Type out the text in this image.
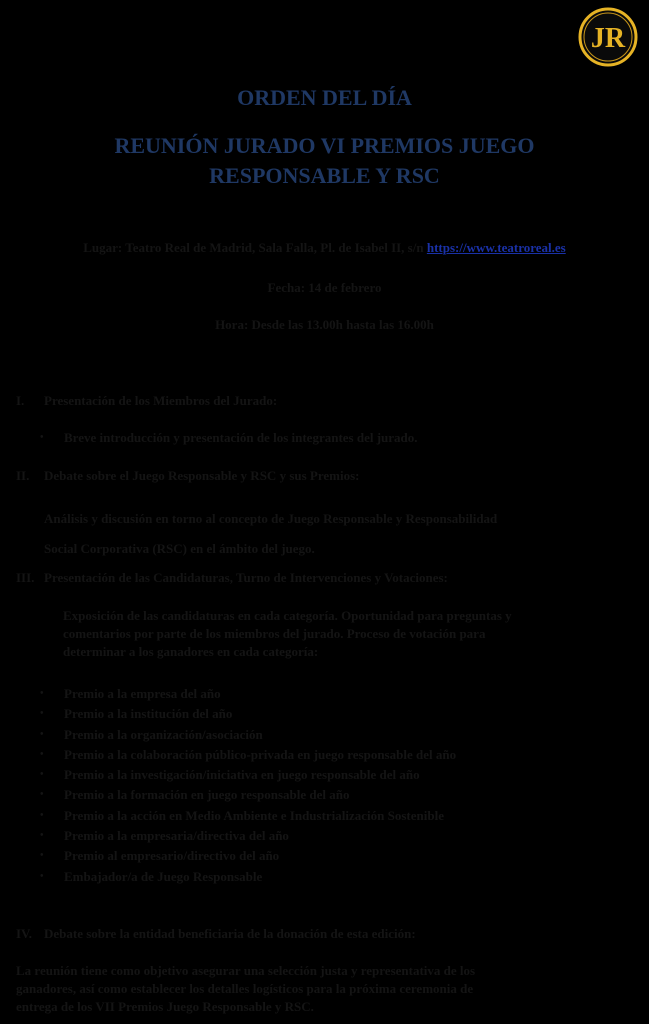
JR
ORDEN DEL DÍA
REUNIÓN JURADO VI PREMIOS JUEGO
RESPONSABLE Y RSC
Lugar: Teatro Real de Madrid, Sala Falla, Pl. de Isabel II, s/n https://www.teatroreal.es
Fecha: 14 de febrero
Hora: Desde las 13.00h hasta las 16.00h
I. Presentación de los Miembros del Jurado:
• Breve introducción y presentación de los integrantes del jurado.
II. Debate sobre el Juego Responsable y RSC y sus Premios:
Análisis y discusión en torno al concepto de Juego Responsable y Responsabilidad
Social Corporativa (RSC) en el ámbito del juego.
III. Presentación de las Candidaturas, Turno de Intervenciones y Votaciones:
Exposición de las candidaturas en cada categoría. Oportunidad para preguntas y
comentarios por parte de los miembros del jurado. Proceso de votación para
determinar a los ganadores en cada categoría:
• Premio a la empresa del año
• Premio a la institución del año
• Premio a la organización/asociación
• Premio a la colaboración público-privada en juego responsable del año
• Premio a la investigación/iniciativa en juego responsable del año
• Premio a la formación en juego responsable del año
• Premio a la acción en Medio Ambiente e Industrialización Sostenible
• Premio a la empresaria/directiva del año
• Premio al empresario/directivo del año
• Embajador/a de Juego Responsable
IV. Debate sobre la entidad beneficiaria de la donación de esta edición:
La reunión tiene como objetivo asegurar una selección justa y representativa de los
ganadores, así como establecer los detalles logísticos para la próxima ceremonia de
entrega de los VII Premios Juego Responsable y RSC.
